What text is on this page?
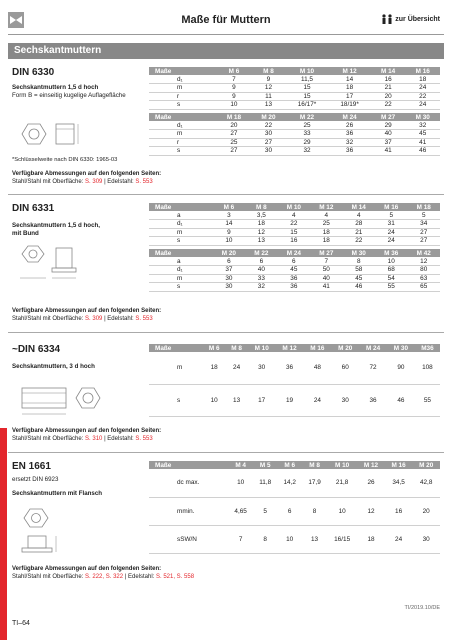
Maße für Muttern	zur Übersicht
Sechskantmuttern
DIN 6330
Sechskantmuttern 1,5 d hoch
Form B = einseitig kugelige Auflagefläche
*Schlüsselweite nach DIN 6330: 1965-03
Maße	M 6	M 8	M 10	M 12	M 14	M 16
d₁	7	9	11,5	14	16	18
m	9	12	15	18	21	24
r	9	11	15	17	20	22
s	10	13	16/17*	18/19*	22	24

Maße	M 18	M 20	M 22	M 24	M 27	M 30
d₁	20	22	25	26	29	32
m	27	30	33	36	40	45
r	25	27	29	32	37	41
s	27	30	32	36	41	46
Verfügbare Abmessungen auf den folgenden Seiten:
Stahl/Stahl mit Oberfläche: S. 309 | Edelstahl: S. 553
DIN 6331
Sechskantmuttern 1,5 d hoch,
mit Bund
Maße	M 6	M 8	M 10	M 12	M 14	M 16	M 18
a	3	3,5	4	4	4	5	5
d₁	14	18	22	25	28	31	34
m	9	12	15	18	21	24	27
s	10	13	16	18	22	24	27

Maße	M 20	M 22	M 24	M 27	M 30	M 36	M 42
a	6	6	6	7	8	10	12
d₁	37	40	45	50	58	68	80
m	30	33	36	40	45	54	63
s	30	32	36	41	46	55	65
Verfügbare Abmessungen auf den folgenden Seiten:
Stahl/Stahl mit Oberfläche: S. 309 | Edelstahl: S. 553
~DIN 6334
Sechskantmuttern, 3 d hoch
Maße	M 6	M 8	M 10	M 12	M 16	M 20	M 24	M 30	M36
m	18	24	30	36	48	60	72	90	108
s	10	13	17	19	24	30	36	46	55
Verfügbare Abmessungen auf den folgenden Seiten:
Stahl/Stahl mit Oberfläche: S. 310 | Edelstahl: S. 553
EN 1661
ersetzt DIN 6923
Sechskantmuttern mit Flansch
Maße	M 4	M 5	M 6	M 8	M 10	M 12	M 16	M 20
dc max.	10	11,8	14,2	17,9	21,8	26	34,5	42,8
mmin.	4,65	5	6	8	10	12	16	20
sSW/N	7	8	10	13	16/15	18	24	30
Verfügbare Abmessungen auf den folgenden Seiten:
Stahl/Stahl mit Oberfläche: S. 222, S. 322 | Edelstahl: S. 521, S. 558
TI/2019.10/DE
TI–64
